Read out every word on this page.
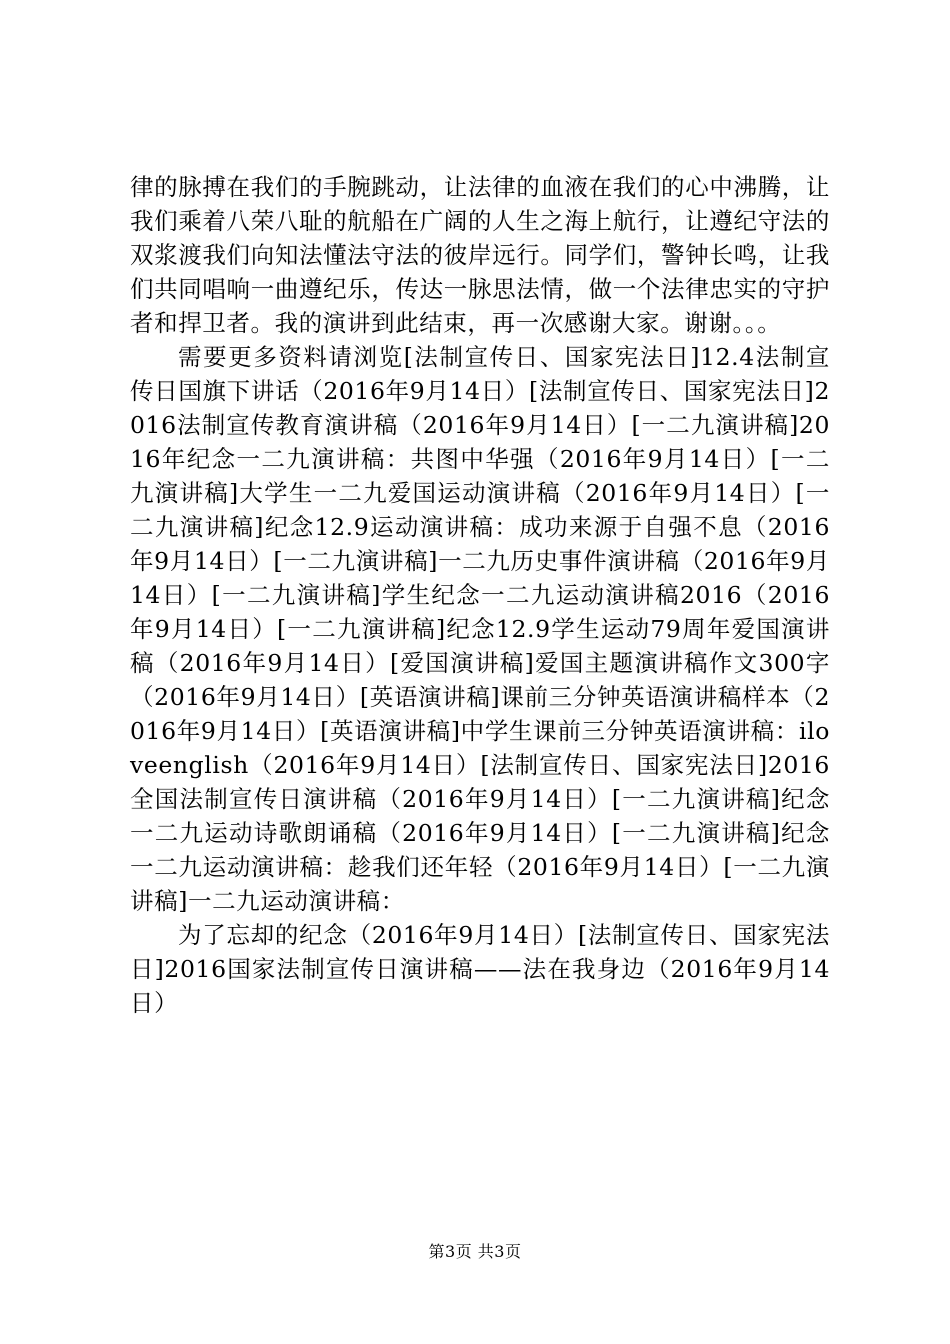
律的脉搏在我们的手腕跳动，让法律的血液在我们的心中沸腾，让我们乘着八荣八耻的航船在广阔的人生之海上航行，让遵纪守法的双浆渡我们向知法懂法守法的彼岸远行。同学们，警钟长鸣，让我们共同唱响一曲遵纪乐，传达一脉思法情，做一个法律忠实的守护者和捍卫者。我的演讲到此结束，再一次感谢大家。谢谢。。。

需要更多资料请浏览[法制宣传日、国家宪法日]12.4法制宣传日国旗下讲话（2016年9月14日）[法制宣传日、国家宪法日]2016法制宣传教育演讲稿（2016年9月14日）[一二九演讲稿]2016年纪念一二九演讲稿：共图中华强（2016年9月14日）[一二九演讲稿]大学生一二九爱国运动演讲稿（2016年9月14日）[一二九演讲稿]纪念12.9运动演讲稿：成功来源于自强不息（2016年9月14日）[一二九演讲稿]一二九历史事件演讲稿（2016年9月14日）[一二九演讲稿]学生纪念一二九运动演讲稿2016（2016年9月14日）[一二九演讲稿]纪念12.9学生运动79周年爱国演讲稿（2016年9月14日）[爱国演讲稿]爱国主题演讲稿作文300字（2016年9月14日）[英语演讲稿]课前三分钟英语演讲稿样本（2016年9月14日）[英语演讲稿]中学生课前三分钟英语演讲稿：iloveenglish（2016年9月14日）[法制宣传日、国家宪法日]2016全国法制宣传日演讲稿（2016年9月14日）[一二九演讲稿]纪念一二九运动诗歌朗诵稿（2016年9月14日）[一二九演讲稿]纪念一二九运动演讲稿：趁我们还年轻（2016年9月14日）[一二九演讲稿]一二九运动演讲稿：

为了忘却的纪念（2016年9月14日）[法制宣传日、国家宪法日]2016国家法制宣传日演讲稿——法在我身边（2016年9月14日）

第3页 共3页
